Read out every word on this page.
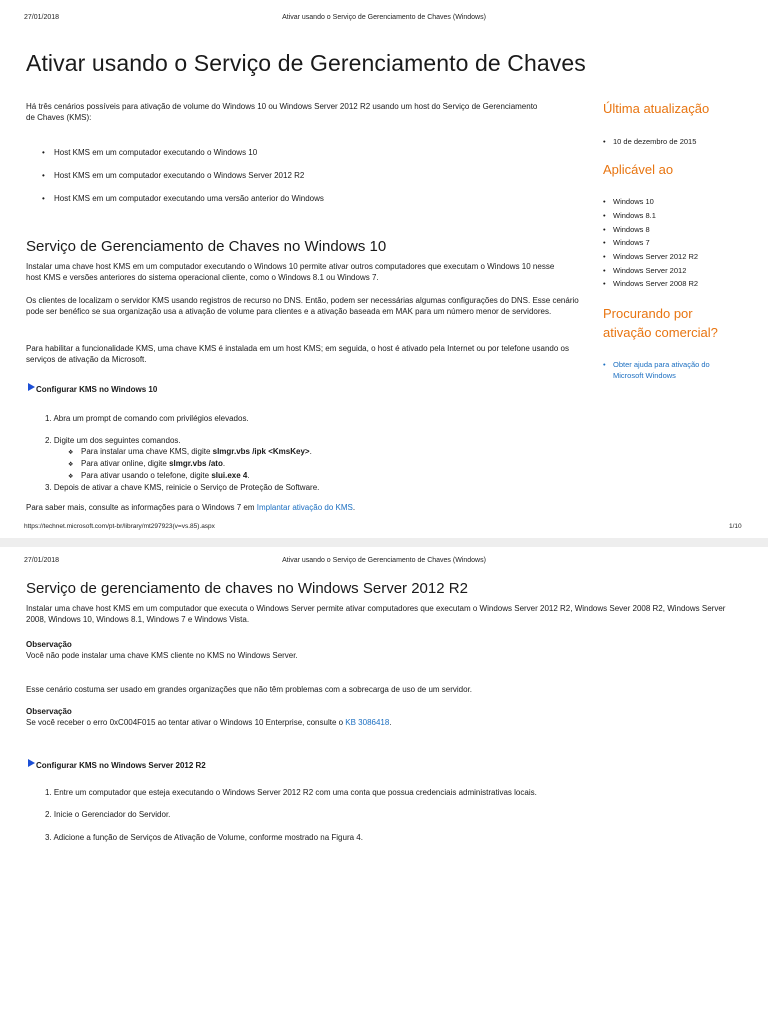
27/01/2018	Ativar usando o Serviço de Gerenciamento de Chaves (Windows)
Ativar usando o Serviço de Gerenciamento de Chaves
Há três cenários possíveis para ativação de volume do Windows 10 ou Windows Server 2012 R2 usando um host do Serviço de Gerenciamento de Chaves (KMS):
• Host KMS em um computador executando o Windows 10
• Host KMS em um computador executando o Windows Server 2012 R2
• Host KMS em um computador executando uma versão anterior do Windows
Serviço de Gerenciamento de Chaves no Windows 10
Instalar uma chave host KMS em um computador executando o Windows 10 permite ativar outros computadores que executam o Windows 10 nesse host KMS e versões anteriores do sistema operacional cliente, como o Windows 8.1 ou Windows 7.
Os clientes de localizam o servidor KMS usando registros de recurso no DNS. Então, podem ser necessárias algumas configurações do DNS. Esse cenário pode ser benéfico se sua organização usa a ativação de volume para clientes e a ativação baseada em MAK para um número menor de servidores.
Para habilitar a funcionalidade KMS, uma chave KMS é instalada em um host KMS; em seguida, o host é ativado pela Internet ou por telefone usando os serviços de ativação da Microsoft.
Configurar KMS no Windows 10
1. Abra um prompt de comando com privilégios elevados.
2. Digite um dos seguintes comandos.
❖ Para instalar uma chave KMS, digite slmgr.vbs /ipk <KmsKey>.
❖ Para ativar online, digite slmgr.vbs /ato.
❖ Para ativar usando o telefone, digite slui.exe 4.
3. Depois de ativar a chave KMS, reinicie o Serviço de Proteção de Software.
Para saber mais, consulte as informações para o Windows 7 em Implantar ativação do KMS.
https://technet.microsoft.com/pt-br/library/mt297923(v=vs.85).aspx	1/10
Última atualização
• 10 de dezembro de 2015
Aplicável ao
• Windows 10
• Windows 8.1
• Windows 8
• Windows 7
• Windows Server 2012 R2
• Windows Server 2012
• Windows Server 2008 R2
Procurando por
ativação comercial?
• Obter ajuda para ativação do
Microsoft Windows
27/01/2018	Ativar usando o Serviço de Gerenciamento de Chaves (Windows)
Serviço de gerenciamento de chaves no Windows Server 2012 R2
Instalar uma chave host KMS em um computador que executa o Windows Server permite ativar computadores que executam o Windows Server 2012 R2, Windows Sever 2008 R2, Windows Server 2008, Windows 10, Windows 8.1, Windows 7 e Windows Vista.
Observação
Você não pode instalar uma chave KMS cliente no KMS no Windows Server.
Esse cenário costuma ser usado em grandes organizações que não têm problemas com a sobrecarga de uso de um servidor.
Observação
Se você receber o erro 0xC004F015 ao tentar ativar o Windows 10 Enterprise, consulte o KB 3086418.
Configurar KMS no Windows Server 2012 R2
1. Entre um computador que esteja executando o Windows Server 2012 R2 com uma conta que possua credenciais administrativas locais.
2. Inicie o Gerenciador do Servidor.
3. Adicione a função de Serviços de Ativação de Volume, conforme mostrado na Figura 4.
